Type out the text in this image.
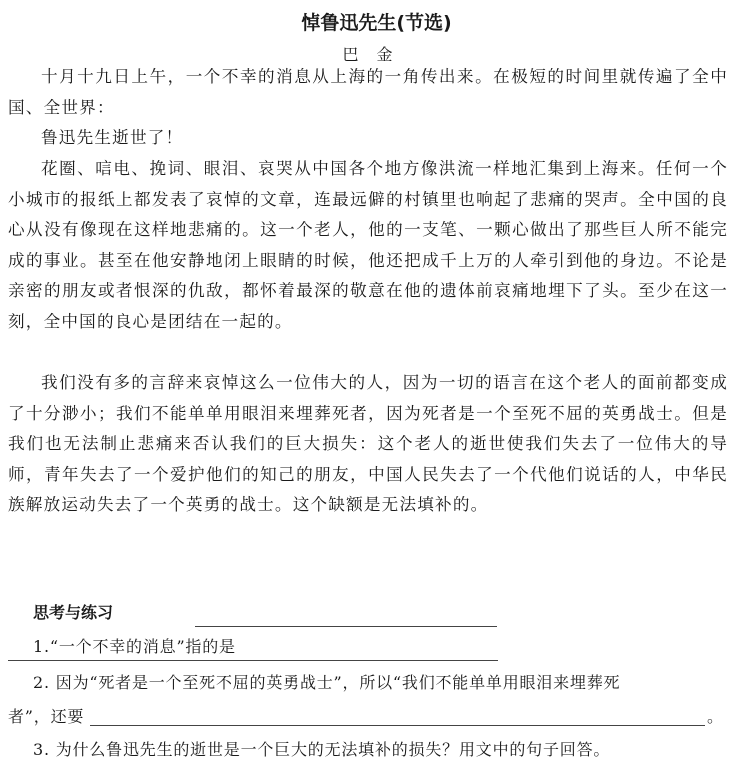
悼鲁迅先生(节选)
巴金
十月十九日上午，一个不幸的消息从上海的一角传出来。在极短的时间里就传遍了全中国、全世界：
鲁迅先生逝世了！
花圈、唁电、挽词、眼泪、哀哭从中国各个地方像洪流一样地汇集到上海来。任何一个小城市的报纸上都发表了哀悼的文章，连最远僻的村镇里也响起了悲痛的哭声。全中国的良心从没有像现在这样地悲痛的。这一个老人，他的一支笔、一颗心做出了那些巨人所不能完成的事业。甚至在他安静地闭上眼睛的时候，他还把成千上万的人牵引到他的身边。不论是亲密的朋友或者恨深的仇敌，都怀着最深的敬意在他的遗体前哀痛地埋下了头。至少在这一刻，全中国的良心是团结在一起的。
我们没有多的言辞来哀悼这么一位伟大的人，因为一切的语言在这个老人的面前都变成了十分渺小；我们不能单单用眼泪来埋葬死者，因为死者是一个至死不屈的英勇战士。但是我们也无法制止悲痛来否认我们的巨大损失：这个老人的逝世使我们失去了一位伟大的导师，青年失去了一个爱护他们的知己的朋友，中国人民失去了一个代他们说话的人，中华民族解放运动失去了一个英勇的战士。这个缺额是无法填补的。
思考与练习
1.“一个不幸的消息”指的是
2. 因为“死者是一个至死不屈的英勇战士”，所以“我们不能单单用眼泪来埋葬死
者”，还要	。
3. 为什么鲁迅先生的逝世是一个巨大的无法填补的损失？用文中的句子回答。
